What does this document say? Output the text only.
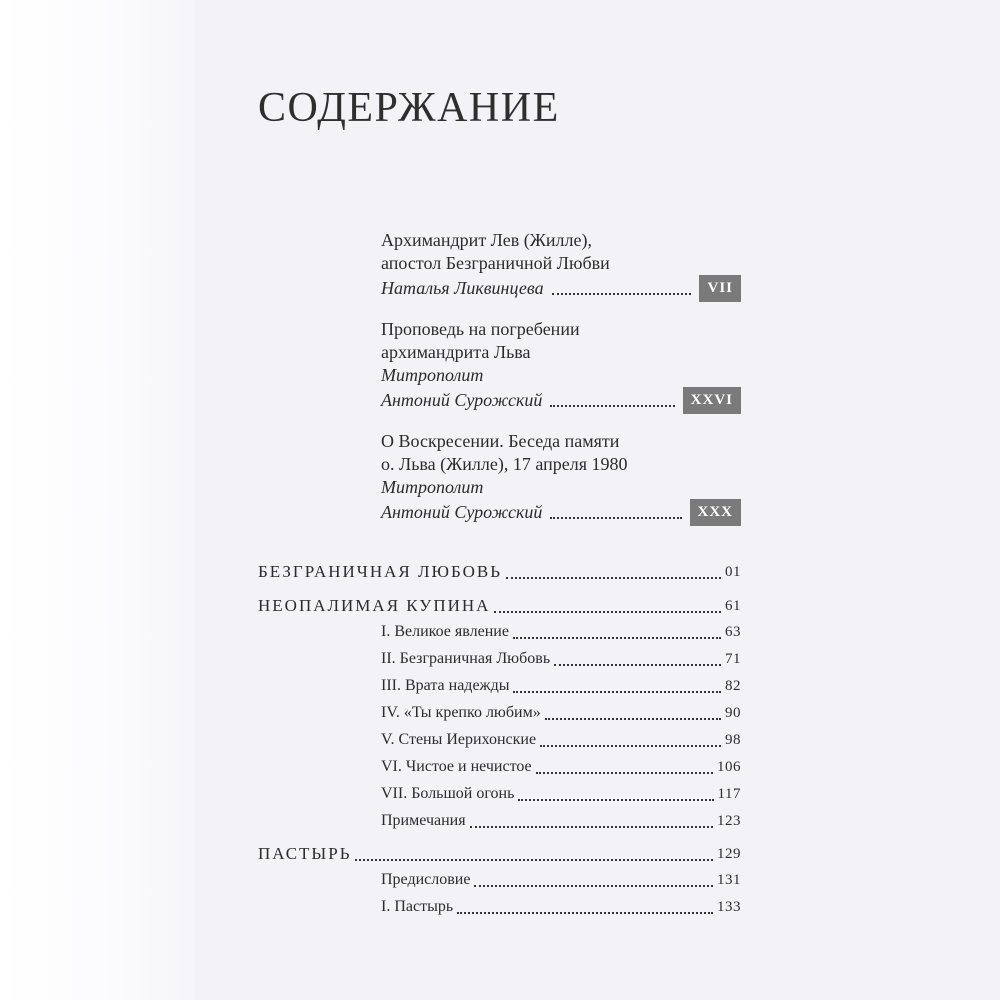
СОДЕРЖАНИЕ
Архимандрит Лев (Жилле),
апостол Безграничной Любви
Наталья Ликвинцева	VII
Проповедь на погребении
архимандрита Льва
Митрополит
Антоний Сурожский	XXVI
О Воскресении. Беседа памяти
о. Льва (Жилле), 17 апреля 1980
Митрополит
Антоний Сурожский	XXX
БЕЗГРАНИЧНАЯ ЛЮБОВЬ	01
НЕОПАЛИМАЯ КУПИНА	61
I. Великое явление	63
II. Безграничная Любовь	71
III. Врата надежды	82
IV. «Ты крепко любим»	90
V. Стены Иерихонские	98
VI. Чистое и нечистое	106
VII. Большой огонь	117
Примечания	123
ПАСТЫРЬ	129
Предисловие	131
I. Пастырь	133
